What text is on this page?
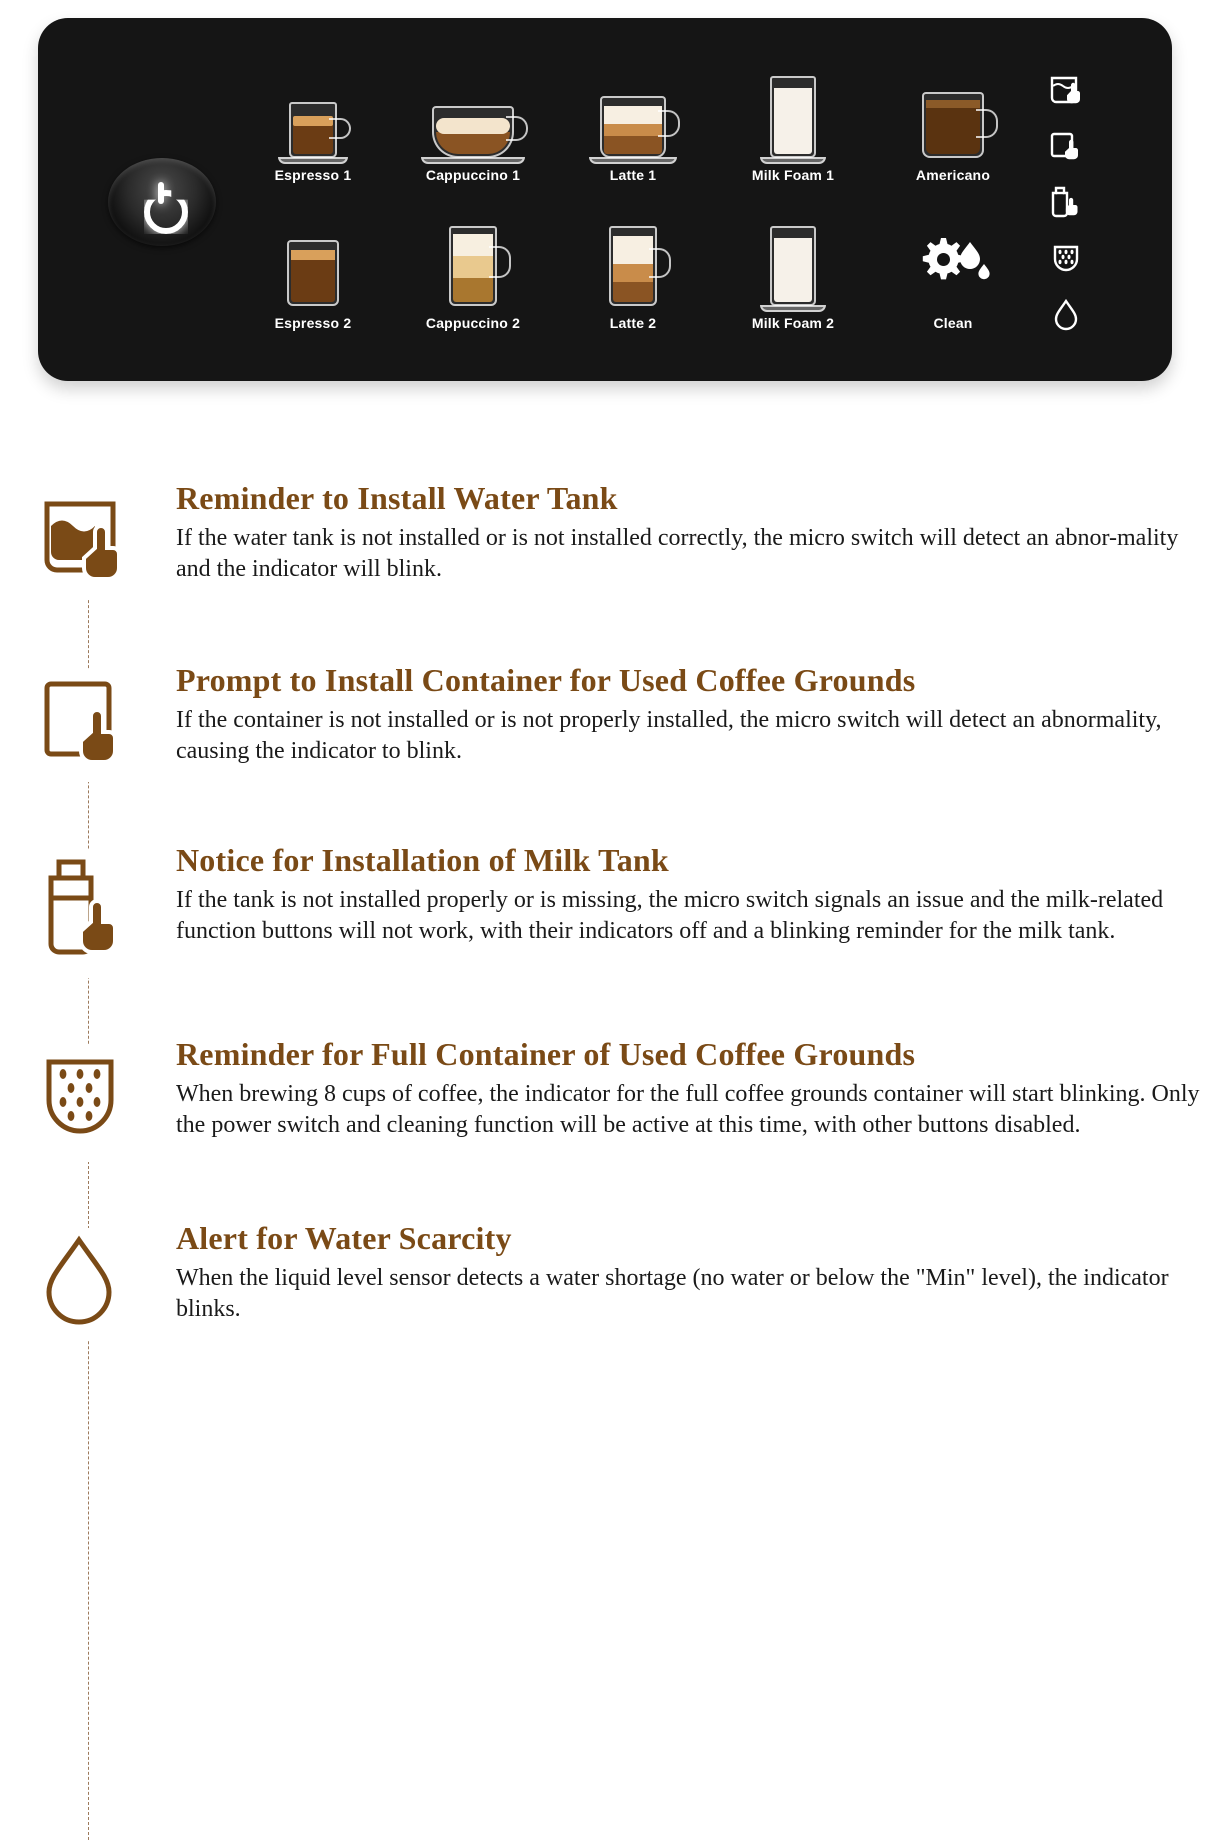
Espresso 1	Cappuccino 1	Latte 1	Milk Foam 1	Americano
Espresso 2	Cappuccino 2	Latte 2	Milk Foam 2	Clean
Reminder to Install Water Tank

If the water tank is not installed or is not installed correctly, the micro switch will detect an abnor-mality and the indicator will blink.

Prompt to Install Container for Used Coffee Grounds

If the container is not installed or is not properly installed, the micro switch will detect an abnormality, causing the indicator to blink.

Notice for Installation of Milk Tank

If the tank is not installed properly or is missing, the micro switch signals an issue and the milk-related function buttons will not work, with their indicators off and a blinking reminder for the milk tank.

Reminder for Full Container of Used Coffee Grounds

When brewing 8 cups of coffee, the indicator for the full coffee grounds container will start blinking. Only the power switch and cleaning function will be active at this time, with other buttons disabled.

Alert for Water Scarcity

When the liquid level sensor detects a water shortage (no water or below the "Min" level), the indicator blinks.
